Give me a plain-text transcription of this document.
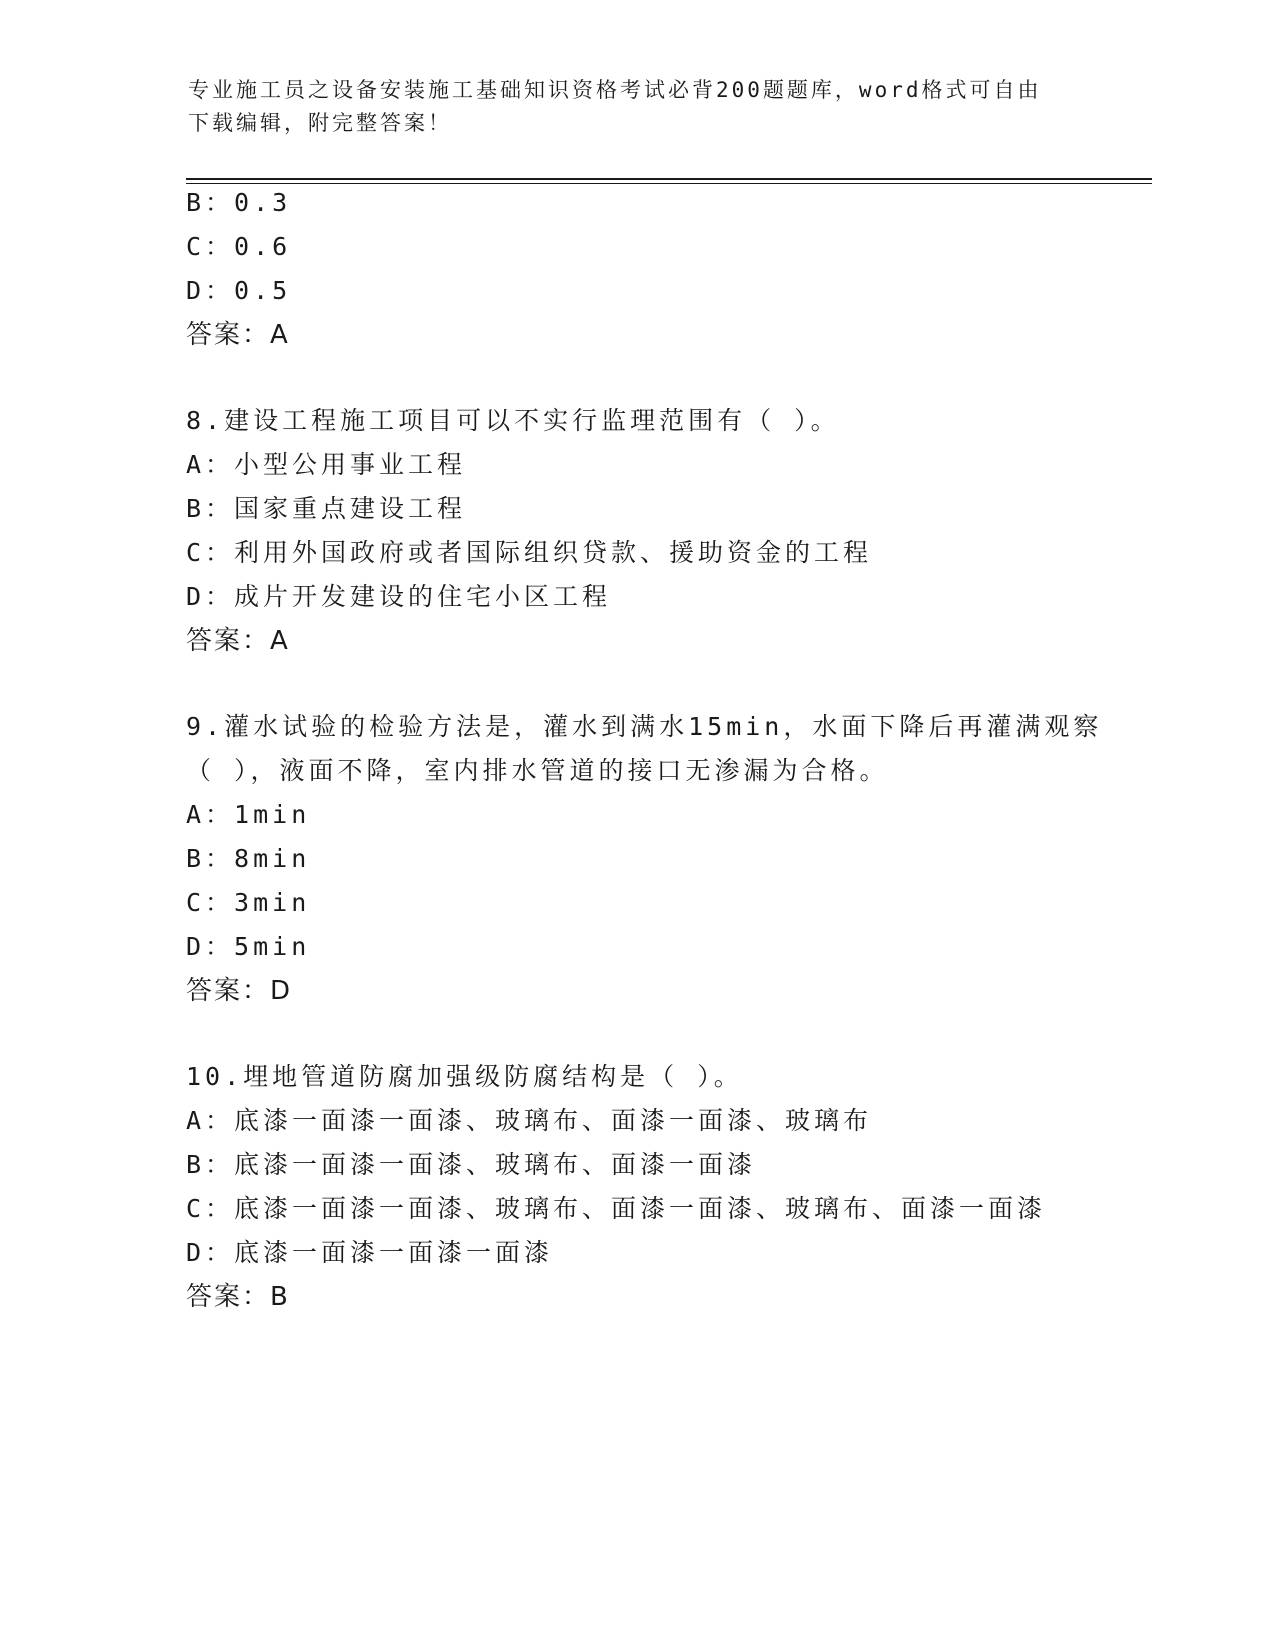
专业施工员之设备安装施工基础知识资格考试必背200题题库，word格式可自由
下载编辑，附完整答案！
B：0.3
C：0.6
D：0.5
答案：A
8.建设工程施工项目可以不实行监理范围有（ ）。
A：小型公用事业工程
B：国家重点建设工程
C：利用外国政府或者国际组织贷款、援助资金的工程
D：成片开发建设的住宅小区工程
答案：A
9.灌水试验的检验方法是，灌水到满水15min，水面下降后再灌满观察
（ ），液面不降，室内排水管道的接口无渗漏为合格。
A：1min
B：8min
C：3min
D：5min
答案：D
10.埋地管道防腐加强级防腐结构是（ ）。
A：底漆一面漆一面漆、玻璃布、面漆一面漆、玻璃布
B：底漆一面漆一面漆、玻璃布、面漆一面漆
C：底漆一面漆一面漆、玻璃布、面漆一面漆、玻璃布、面漆一面漆
D：底漆一面漆一面漆一面漆
答案：B
